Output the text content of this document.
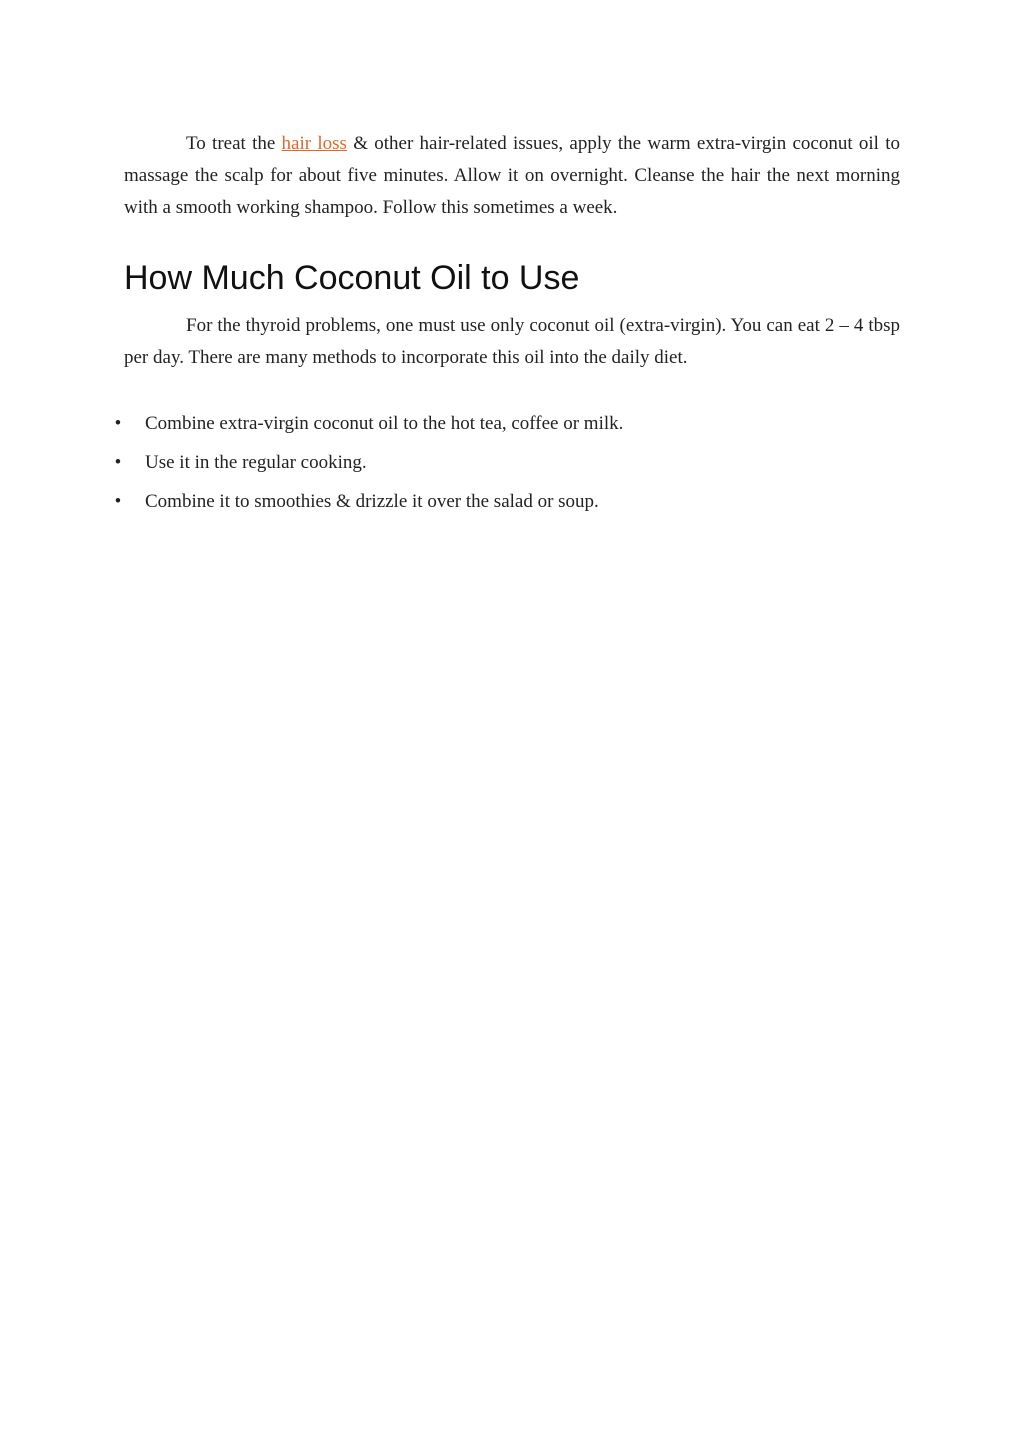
To treat the hair loss & other hair-related issues, apply the warm extra-virgin coconut oil to massage the scalp for about five minutes. Allow it on overnight. Cleanse the hair the next morning with a smooth working shampoo. Follow this sometimes a week.

How Much Coconut Oil to Use

For the thyroid problems, one must use only coconut oil (extra-virgin). You can eat 2 – 4 tbsp per day. There are many methods to incorporate this oil into the daily diet.

• Combine extra-virgin coconut oil to the hot tea, coffee or milk.
• Use it in the regular cooking.
• Combine it to smoothies & drizzle it over the salad or soup.
